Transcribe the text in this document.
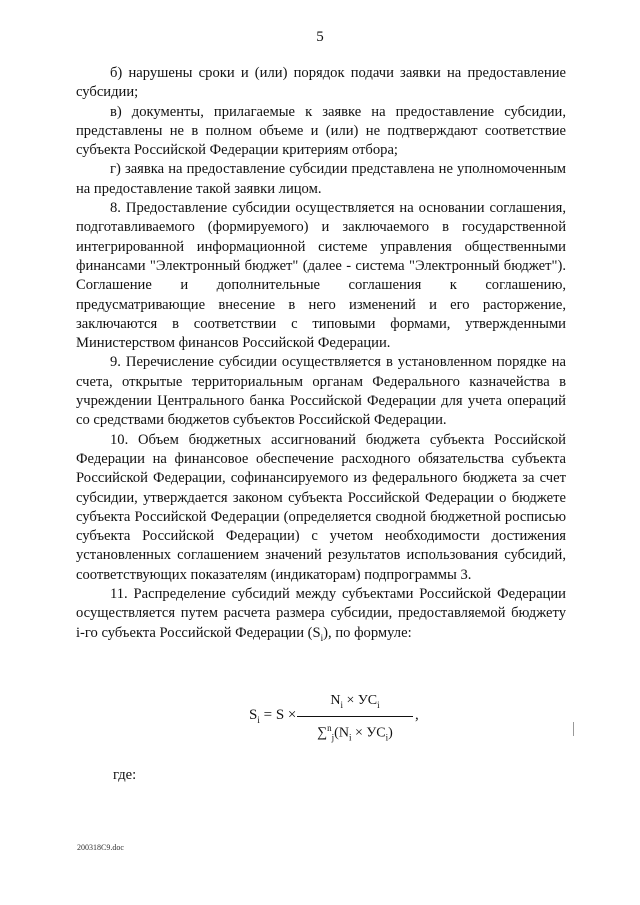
5

б) нарушены сроки и (или) порядок подачи заявки на предоставление субсидии;

в) документы, прилагаемые к заявке на предоставление субсидии, представлены не в полном объеме и (или) не подтверждают соответствие субъекта Российской Федерации критериям отбора;

г) заявка на предоставление субсидии представлена не уполномоченным на предоставление такой заявки лицом.

8. Предоставление субсидии осуществляется на основании соглашения, подготавливаемого (формируемого) и заключаемого в государственной интегрированной информационной системе управления общественными финансами "Электронный бюджет" (далее - система "Электронный бюджет"). Соглашение и дополнительные соглашения к соглашению, предусматривающие внесение в него изменений и его расторжение, заключаются в соответствии с типовыми формами, утвержденными Министерством финансов Российской Федерации.

9. Перечисление субсидии осуществляется в установленном порядке на счета, открытые территориальным органам Федерального казначейства в учреждении Центрального банка Российской Федерации для учета операций со средствами бюджетов субъектов Российской Федерации.

10. Объем бюджетных ассигнований бюджета субъекта Российской Федерации на финансовое обеспечение расходного обязательства субъекта Российской Федерации, софинансируемого из федерального бюджета за счет субсидии, утверждается законом субъекта Российской Федерации о бюджете субъекта Российской Федерации (определяется сводной бюджетной росписью субъекта Российской Федерации) с учетом необходимости достижения установленных соглашением значений результатов использования субсидий, соответствующих показателям (индикаторам) подпрограммы 3.

11. Распределение субсидий между субъектами Российской Федерации осуществляется путем расчета размера субсидии, предоставляемой бюджету i-го субъекта Российской Федерации $(S_i)$, по формуле:

$S_i = S$ ×
$N_i \times УС_i$
$\sum^n_j(N_i \times УС_i)$
,
где:
200318C9.doc
